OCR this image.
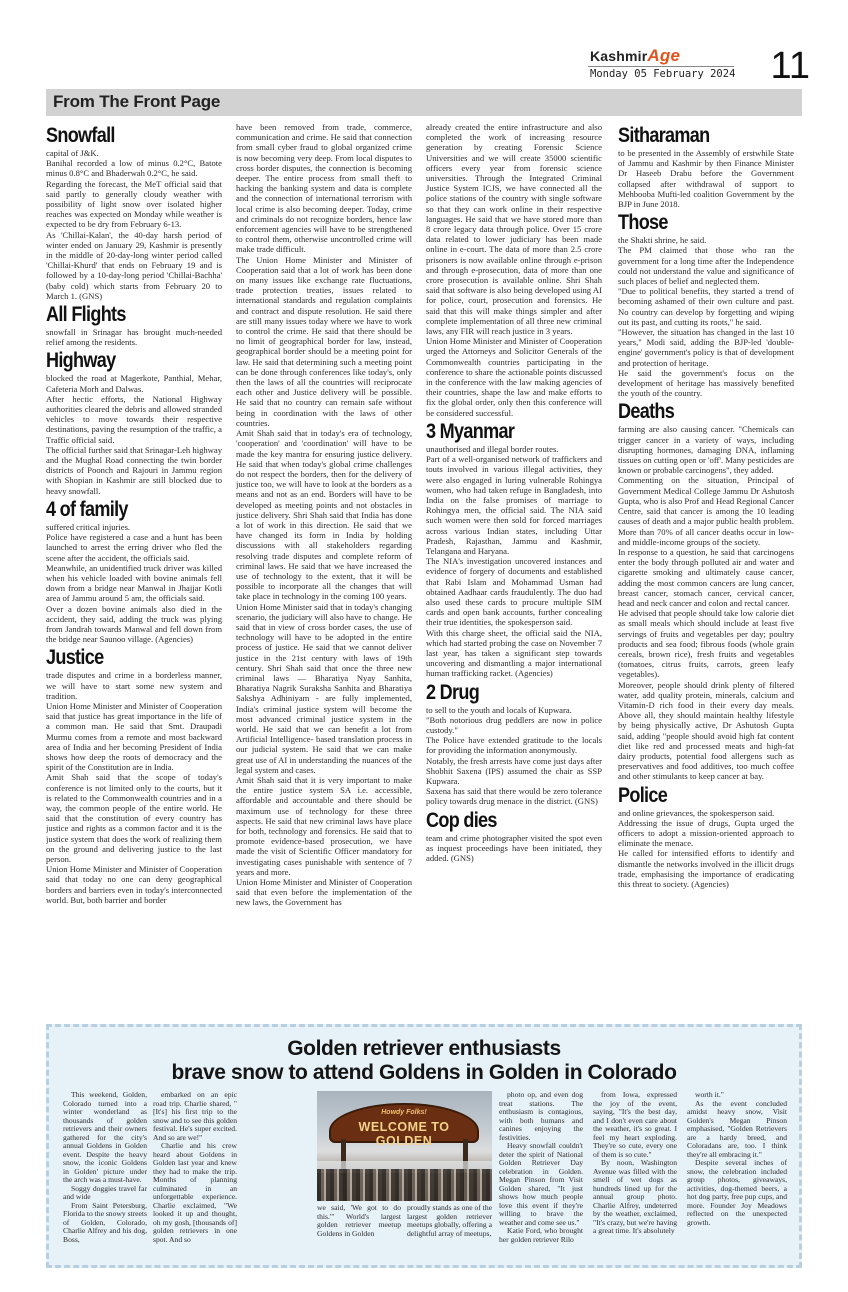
KashmirAge
Monday 05 February 2024 11
From The Front Page
Snowfall

capital of J&K.

Banihal recorded a low of minus 0.2°C, Batote minus 0.8°C and Bhaderwah 0.2°C, he said.

Regarding the forecast, the MeT official said that said partly to generally cloudy weather with possibility of light snow over isolated higher reaches was expected on Monday while weather is expected to be dry from February 6-13.

As 'Chillai-Kalan', the 40-day harsh period of winter ended on January 29, Kashmir is presently in the middle of 20-day-long winter period called 'Chillai-Khurd' that ends on February 19 and is followed by a 10-day-long period 'Chillai-Bachha' (baby cold) which starts from February 20 to March 1. (GNS)

All Flights

snowfall in Srinagar has brought much-needed relief among the residents.

Highway

blocked the road at Magerkote, Panthial, Mehar, Cafeteria Morh and Dalwas.

After hectic efforts, the National Highway authorities cleared the debris and allowed stranded vehicles to move towards their respective destinations, paving the resumption of the traffic, a Traffic official said.

The official further said that Srinagar-Leh highway and the Mughal Road connecting the twin border districts of Poonch and Rajouri in Jammu region with Shopian in Kashmir are still blocked due to heavy snowfall.

4 of family

suffered critical injuries.

Police have registered a case and a hunt has been launched to arrest the erring driver who fled the scene after the accident, the officials said.

Meanwhile, an unidentified truck driver was killed when his vehicle loaded with bovine animals fell down from a bridge near Manwal in Jhajjar Kotli area of Jammu around 5 am, the officials said.

Over a dozen bovine animals also died in the accident, they said, adding the truck was plying from Jandrah towards Manwal and fell down from the bridge near Saunoo village. (Agencies)

Justice

trade disputes and crime in a borderless manner, we will have to start some new system and tradition.

Union Home Minister and Minister of Cooperation said that justice has great importance in the life of a common man. He said that Smt. Draupadi Murmu comes from a remote and most backward area of India and her becoming President of India shows how deep the roots of democracy and the spirit of the Constitution are in India.

Amit Shah said that the scope of today's conference is not limited only to the courts, but it is related to the Commonwealth countries and in a way, the common people of the entire world. He said that the constitution of every country has justice and rights as a common factor and it is the justice system that does the work of realizing them on the ground and delivering justice to the last person.

Union Home Minister and Minister of Cooperation said that today no one can deny geographical borders and barriers even in today's interconnected world. But, both barrier and border

have been removed from trade, commerce, communication and crime. He said that connection from small cyber fraud to global organized crime is now becoming very deep. From local disputes to cross border disputes, the connection is becoming deeper. The entire process from small theft to hacking the banking system and data is complete and the connection of international terrorism with local crime is also becoming deeper. Today, crime and criminals do not recognize borders, hence law enforcement agencies will have to be strengthened to control them, otherwise uncontrolled crime will make trade difficult.

The Union Home Minister and Minister of Cooperation said that a lot of work has been done on many issues like exchange rate fluctuations, trade protection treaties, issues related to international standards and regulation complaints and contract and dispute resolution. He said there are still many issues today where we have to work to control the crime. He said that there should be no limit of geographical border for law, instead, geographical border should be a meeting point for law. He said that determining such a meeting point can be done through conferences like today's, only then the laws of all the countries will reciprocate each other and Justice delivery will be possible. He said that no country can remain safe without being in coordination with the laws of other countries.

Amit Shah said that in today's era of technology, 'cooperation' and 'coordination' will have to be made the key mantra for ensuring justice delivery. He said that when today's global crime challenges do not respect the borders, then for the delivery of justice too, we will have to look at the borders as a means and not as an end. Borders will have to be developed as meeting points and not obstacles in justice delivery. Shri Shah said that India has done a lot of work in this direction. He said that we have changed its form in India by holding discussions with all stakeholders regarding resolving trade disputes and complete reform of criminal laws. He said that we have increased the use of technology to the extent, that it will be possible to incorporate all the changes that will take place in technology in the coming 100 years.

Union Home Minister said that in today's changing scenario, the judiciary will also have to change. He said that in view of cross border cases, the use of technology will have to be adopted in the entire process of justice. He said that we cannot deliver justice in the 21st century with laws of 19th century. Shri Shah said that once the three new criminal laws — Bharatiya Nyay Sanhita, Bharatiya Nagrik Suraksha Sanhita and Bharatiya Sakshya Adhiniyam - are fully implemented, India's criminal justice system will become the most advanced criminal justice system in the world. He said that we can benefit a lot from Artificial Intelligence- based translation process in our judicial system. He said that we can make great use of AI in understanding the nuances of the legal system and cases.

Amit Shah said that it is very important to make the entire justice system SA i.e. accessible, affordable and accountable and there should be maximum use of technology for these three aspects. He said that new criminal laws have place for both, technology and forensics. He said that to promote evidence-based prosecution, we have made the visit of Scientific Officer mandatory for investigating cases punishable with sentence of 7 years and more.

Union Home Minister and Minister of Cooperation said that even before the implementation of the new laws, the Government has

already created the entire infrastructure and also completed the work of increasing resource generation by creating Forensic Science Universities and we will create 35000 scientific officers every year from forensic science universities. Through the Integrated Criminal Justice System ICJS, we have connected all the police stations of the country with single software so that they can work online in their respective languages. He said that we have stored more than 8 crore legacy data through police. Over 15 crore data related to lower judiciary has been made online in e-court. The data of more than 2.5 crore prisoners is now available online through e-prison and through e-prosecution, data of more than one crore prosecution is available online. Shri Shah said that software is also being developed using AI for police, court, prosecution and forensics. He said that this will make things simpler and after complete implementation of all three new criminal laws, any FIR will reach justice in 3 years.

Union Home Minister and Minister of Cooperation urged the Attorneys and Solicitor Generals of the Commonwealth countries participating in the conference to share the actionable points discussed in the conference with the law making agencies of their countries, shape the law and make efforts to fix the global order, only then this conference will be considered successful.

3 Myanmar

unauthorised and illegal border routes.

Part of a well-organised network of traffickers and touts involved in various illegal activities, they were also engaged in luring vulnerable Rohingya women, who had taken refuge in Bangladesh, into India on the false promises of marriage to Rohingya men, the official said. The NIA said such women were then sold for forced marriages across various Indian states, including Uttar Pradesh, Rajasthan, Jammu and Kashmir, Telangana and Haryana.

The NIA's investigation uncovered instances and evidence of forgery of documents and established that Rabi Islam and Mohammad Usman had obtained Aadhaar cards fraudulently. The duo had also used these cards to procure multiple SIM cards and open bank accounts, further concealing their true identities, the spokesperson said.

With this charge sheet, the official said the NIA, which had started probing the case on November 7 last year, has taken a significant step towards uncovering and dismantling a major international human trafficking racket. (Agencies)

2 Drug

to sell to the youth and locals of Kupwara.

"Both notorious drug peddlers are now in police custody."

The Police have extended gratitude to the locals for providing the information anonymously.

Notably, the fresh arrests have come just days after Shobhit Saxena (IPS) assumed the chair as SSP Kupwara.

Saxena has said that there would be zero tolerance policy towards drug menace in the district. (GNS)

Cop dies

team and crime photographer visited the spot even as inquest proceedings have been initiated, they added. (GNS)

Sitharaman

to be presented in the Assembly of erstwhile State of Jammu and Kashmir by then Finance Minister Dr Haseeb Drabu before the Government collapsed after withdrawal of support to Mehbooba Mufti-led coalition Government by the BJP in June 2018.

Those

the Shakti shrine, he said.

The PM claimed that those who ran the government for a long time after the Independence could not understand the value and significance of such places of belief and neglected them.

"Due to political benefits, they started a trend of becoming ashamed of their own culture and past. No country can develop by forgetting and wiping out its past, and cutting its roots," he said.

"However, the situation has changed in the last 10 years," Modi said, adding the BJP-led 'double-engine' government's policy is that of development and protection of heritage.

He said the government's focus on the development of heritage has massively benefited the youth of the country.

Deaths

farming are also causing cancer. "Chemicals can trigger cancer in a variety of ways, including disrupting hormones, damaging DNA, inflaming tissues on cutting open or 'off'. Many pesticides are known or probable carcinogens", they added.

Commenting on the situation, Principal of Government Medical College Jammu Dr Ashutosh Gupta, who is also Prof and Head Regional Cancer Centre, said that cancer is among the 10 leading causes of death and a major public health problem. More than 70% of all cancer deaths occur in low- and middle-income groups of the society.

In response to a question, he said that carcinogens enter the body through polluted air and water and cigarette smoking and ultimately cause cancer, adding the most common cancers are lung cancer, breast cancer, stomach cancer, cervical cancer, head and neck cancer and colon and rectal cancer.

He advised that people should take low calorie diet as small meals which should include at least five servings of fruits and vegetables per day; poultry products and sea food; fibrous foods (whole grain cereals, brown rice), fresh fruits and vegetables (tomatoes, citrus fruits, carrots, green leafy vegetables).

Moreover, people should drink plenty of filtered water, add quality protein, minerals, calcium and Vitamin-D rich food in their every day meals. Above all, they should maintain healthy lifestyle by being physically active, Dr Ashutosh Gupta said, adding "people should avoid high fat content diet like red and processed meats and high-fat dairy products, potential food allergens such as preservatives and food additives, too much coffee and other stimulants to keep cancer at bay.

Police

and online grievances, the spokesperson said.

Addressing the issue of drugs, Gupta urged the officers to adopt a mission-oriented approach to eliminate the menace.

He called for intensified efforts to identify and dismantle the networks involved in the illicit drugs trade, emphasising the importance of eradicating this threat to society. (Agencies)

Golden retriever enthusiasts
brave snow to attend Goldens in Golden in Colorado

This weekend, Golden, Colorado turned into a winter wonderland as thousands of golden retrievers and their owners gathered for the city's annual Goldens in Golden event. Despite the heavy snow, the iconic Goldens in Golden' picture under the arch was a must-have.

Soggy doggies travel far and wide

From Saint Petersburg, Florida to the snowy streets of Golden, Colorado, Charlie Alfrey and his dog, Boss,

embarked on an epic road trip. Charlie shared, "[It's] his first trip to the snow and to see this golden festival. He's super excited. And so are we!"

Charlie and his crew heard about Goldens in Golden last year and knew they had to make the trip. Months of planning culminated in an unforgettable experience. Charlie exclaimed, "We looked it up and thought, oh my gosh, [thousands of] golden retrievers in one spot. And so

Howdy Folks!
WELCOME TO GOLDEN
we said, 'We got to do this.'" World's largest golden retriever meetup Goldens in Golden
proudly stands as one of the largest golden retriever meetups globally, offering a delightful array of meetups,

photo op, and even dog treat stations. The enthusiasm is contagious, with both humans and canines enjoying the festivities.

Heavy snowfall couldn't deter the spirit of National Golden Retriever Day celebration in Golden. Megan Pinson from Visit Golden shared, "It just shows how much people love this event if they're willing to brave the weather and come see us."

Katie Ford, who brought her golden retriever Rilo

from Iowa, expressed the joy of the event, saying, "It's the best day, and I don't even care about the weather, it's so great. I feel my heart exploding. They're so cute, every one of them is so cute."

By noon, Washington Avenue was filled with the smell of wet dogs as hundreds lined up for the annual group photo. Charlie Alfrey, undeterred by the weather, exclaimed, "It's crazy, but we're having a great time. It's absolutely

worth it."

As the event concluded amidst heavy snow, Visit Golden's Megan Pinson emphasised, "Golden Retrievers are a hardy breed, and Coloradans are, too. I think they're all embracing it."

Despite several inches of snow, the celebration included group photos, giveaways, activities, dog-themed beers, a hot dog party, free pup cups, and more. Founder Joy Meadows reflected on the unexpected growth.
